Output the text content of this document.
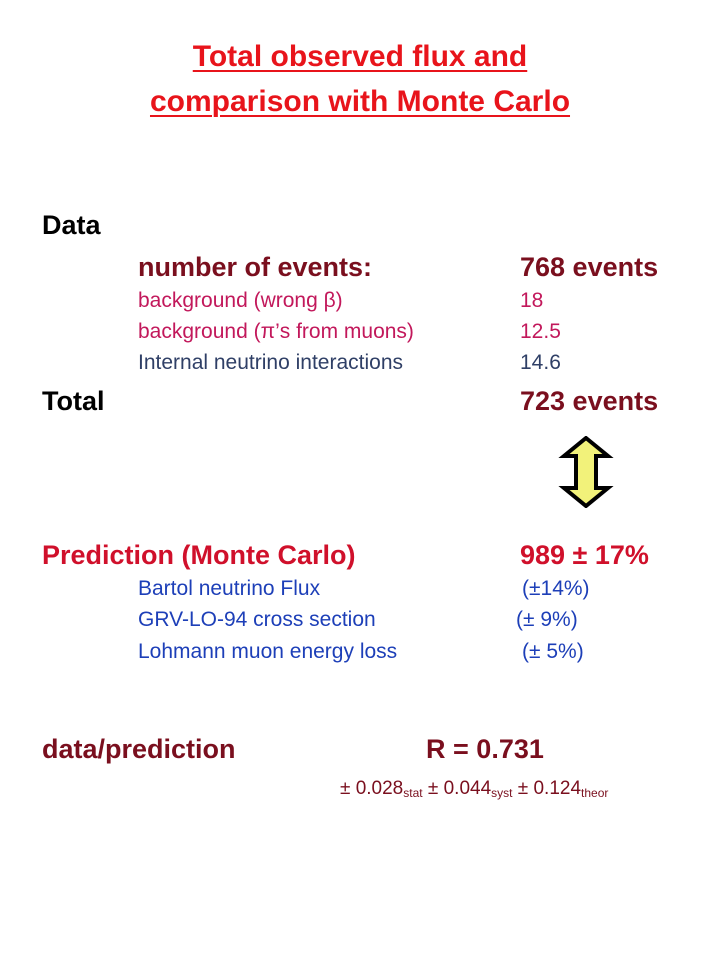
Total observed flux and
comparison with Monte Carlo
Data
number of events:	768 events
background (wrong β)	18
background (π’s from muons)	12.5
Internal neutrino interactions	14.6
Total	723 events
Prediction (Monte Carlo)	989 ± 17%
Bartol neutrino Flux	(±14%)
GRV-LO-94 cross section	(± 9%)
Lohmann muon energy loss	(± 5%)
data/prediction	R = 0.731
± $0.028_{stat} \pm 0.044_{syst} \pm 0.124_{theor}$
